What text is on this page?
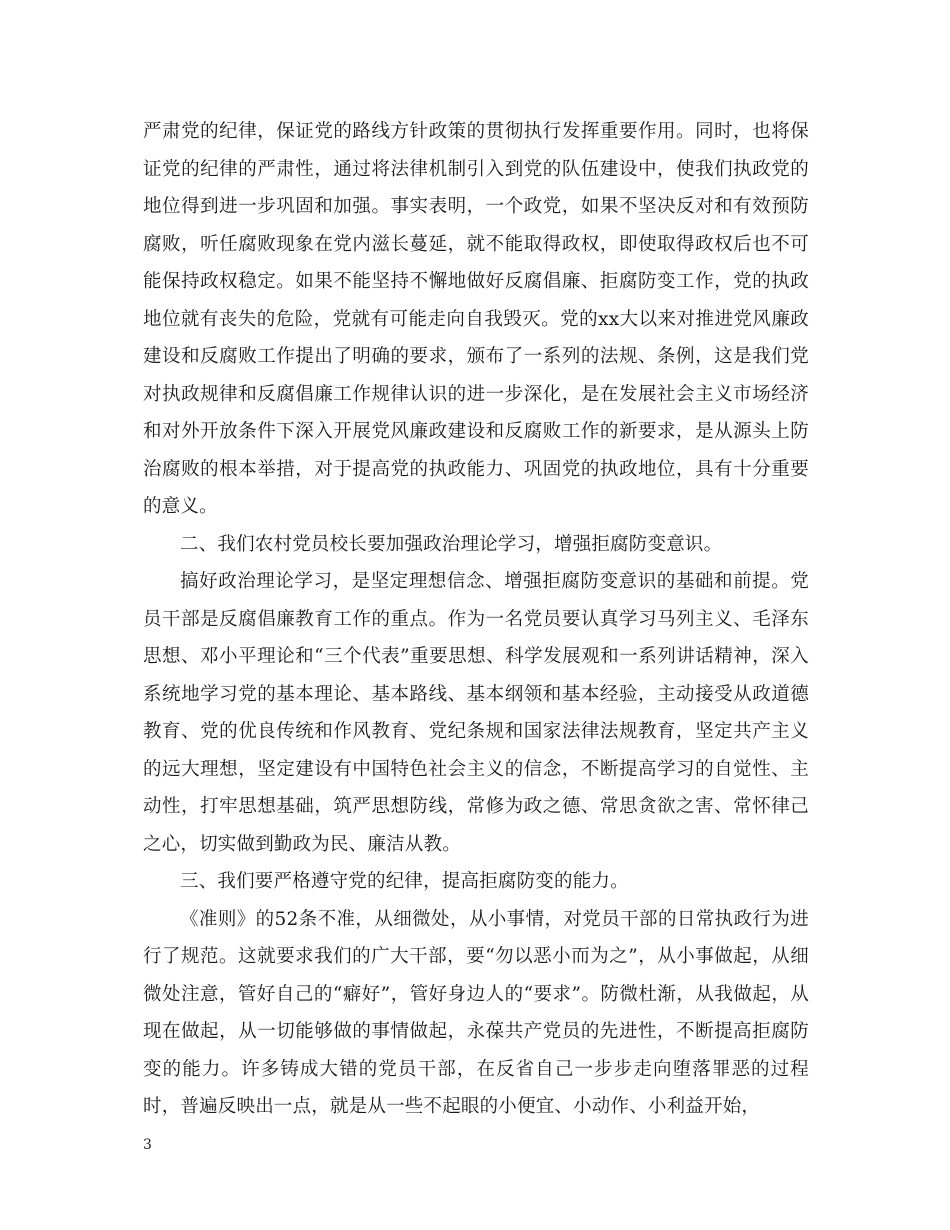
严肃党的纪律，保证党的路线方针政策的贯彻执行发挥重要作用。同时，也将保证党的纪律的严肃性，通过将法律机制引入到党的队伍建设中，使我们执政党的地位得到进一步巩固和加强。事实表明，一个政党，如果不坚决反对和有效预防腐败，听任腐败现象在党内滋长蔓延，就不能取得政权，即使取得政权后也不可能保持政权稳定。如果不能坚持不懈地做好反腐倡廉、拒腐防变工作，党的执政地位就有丧失的危险，党就有可能走向自我毁灭。党的xx大以来对推进党风廉政建设和反腐败工作提出了明确的要求，颁布了一系列的法规、条例，这是我们党对执政规律和反腐倡廉工作规律认识的进一步深化，是在发展社会主义市场经济和对外开放条件下深入开展党风廉政建设和反腐败工作的新要求，是从源头上防治腐败的根本举措，对于提高党的执政能力、巩固党的执政地位，具有十分重要的意义。

二、我们农村党员校长要加强政治理论学习，增强拒腐防变意识。

搞好政治理论学习，是坚定理想信念、增强拒腐防变意识的基础和前提。党员干部是反腐倡廉教育工作的重点。作为一名党员要认真学习马列主义、毛泽东思想、邓小平理论和“三个代表”重要思想、科学发展观和一系列讲话精神，深入系统地学习党的基本理论、基本路线、基本纲领和基本经验，主动接受从政道德教育、党的优良传统和作风教育、党纪条规和国家法律法规教育，坚定共产主义的远大理想，坚定建设有中国特色社会主义的信念，不断提高学习的自觉性、主动性，打牢思想基础，筑严思想防线，常修为政之德、常思贪欲之害、常怀律己之心，切实做到勤政为民、廉洁从教。

三、我们要严格遵守党的纪律，提高拒腐防变的能力。

《准则》的52条不准，从细微处，从小事情，对党员干部的日常执政行为进行了规范。这就要求我们的广大干部，要“勿以恶小而为之”，从小事做起，从细微处注意，管好自己的“癖好”，管好身边人的“要求”。防微杜渐，从我做起，从现在做起，从一切能够做的事情做起，永葆共产党员的先进性，不断提高拒腐防变的能力。许多铸成大错的党员干部，在反省自己一步步走向堕落罪恶的过程时，普遍反映出一点，就是从一些不起眼的小便宜、小动作、小利益开始，

3
